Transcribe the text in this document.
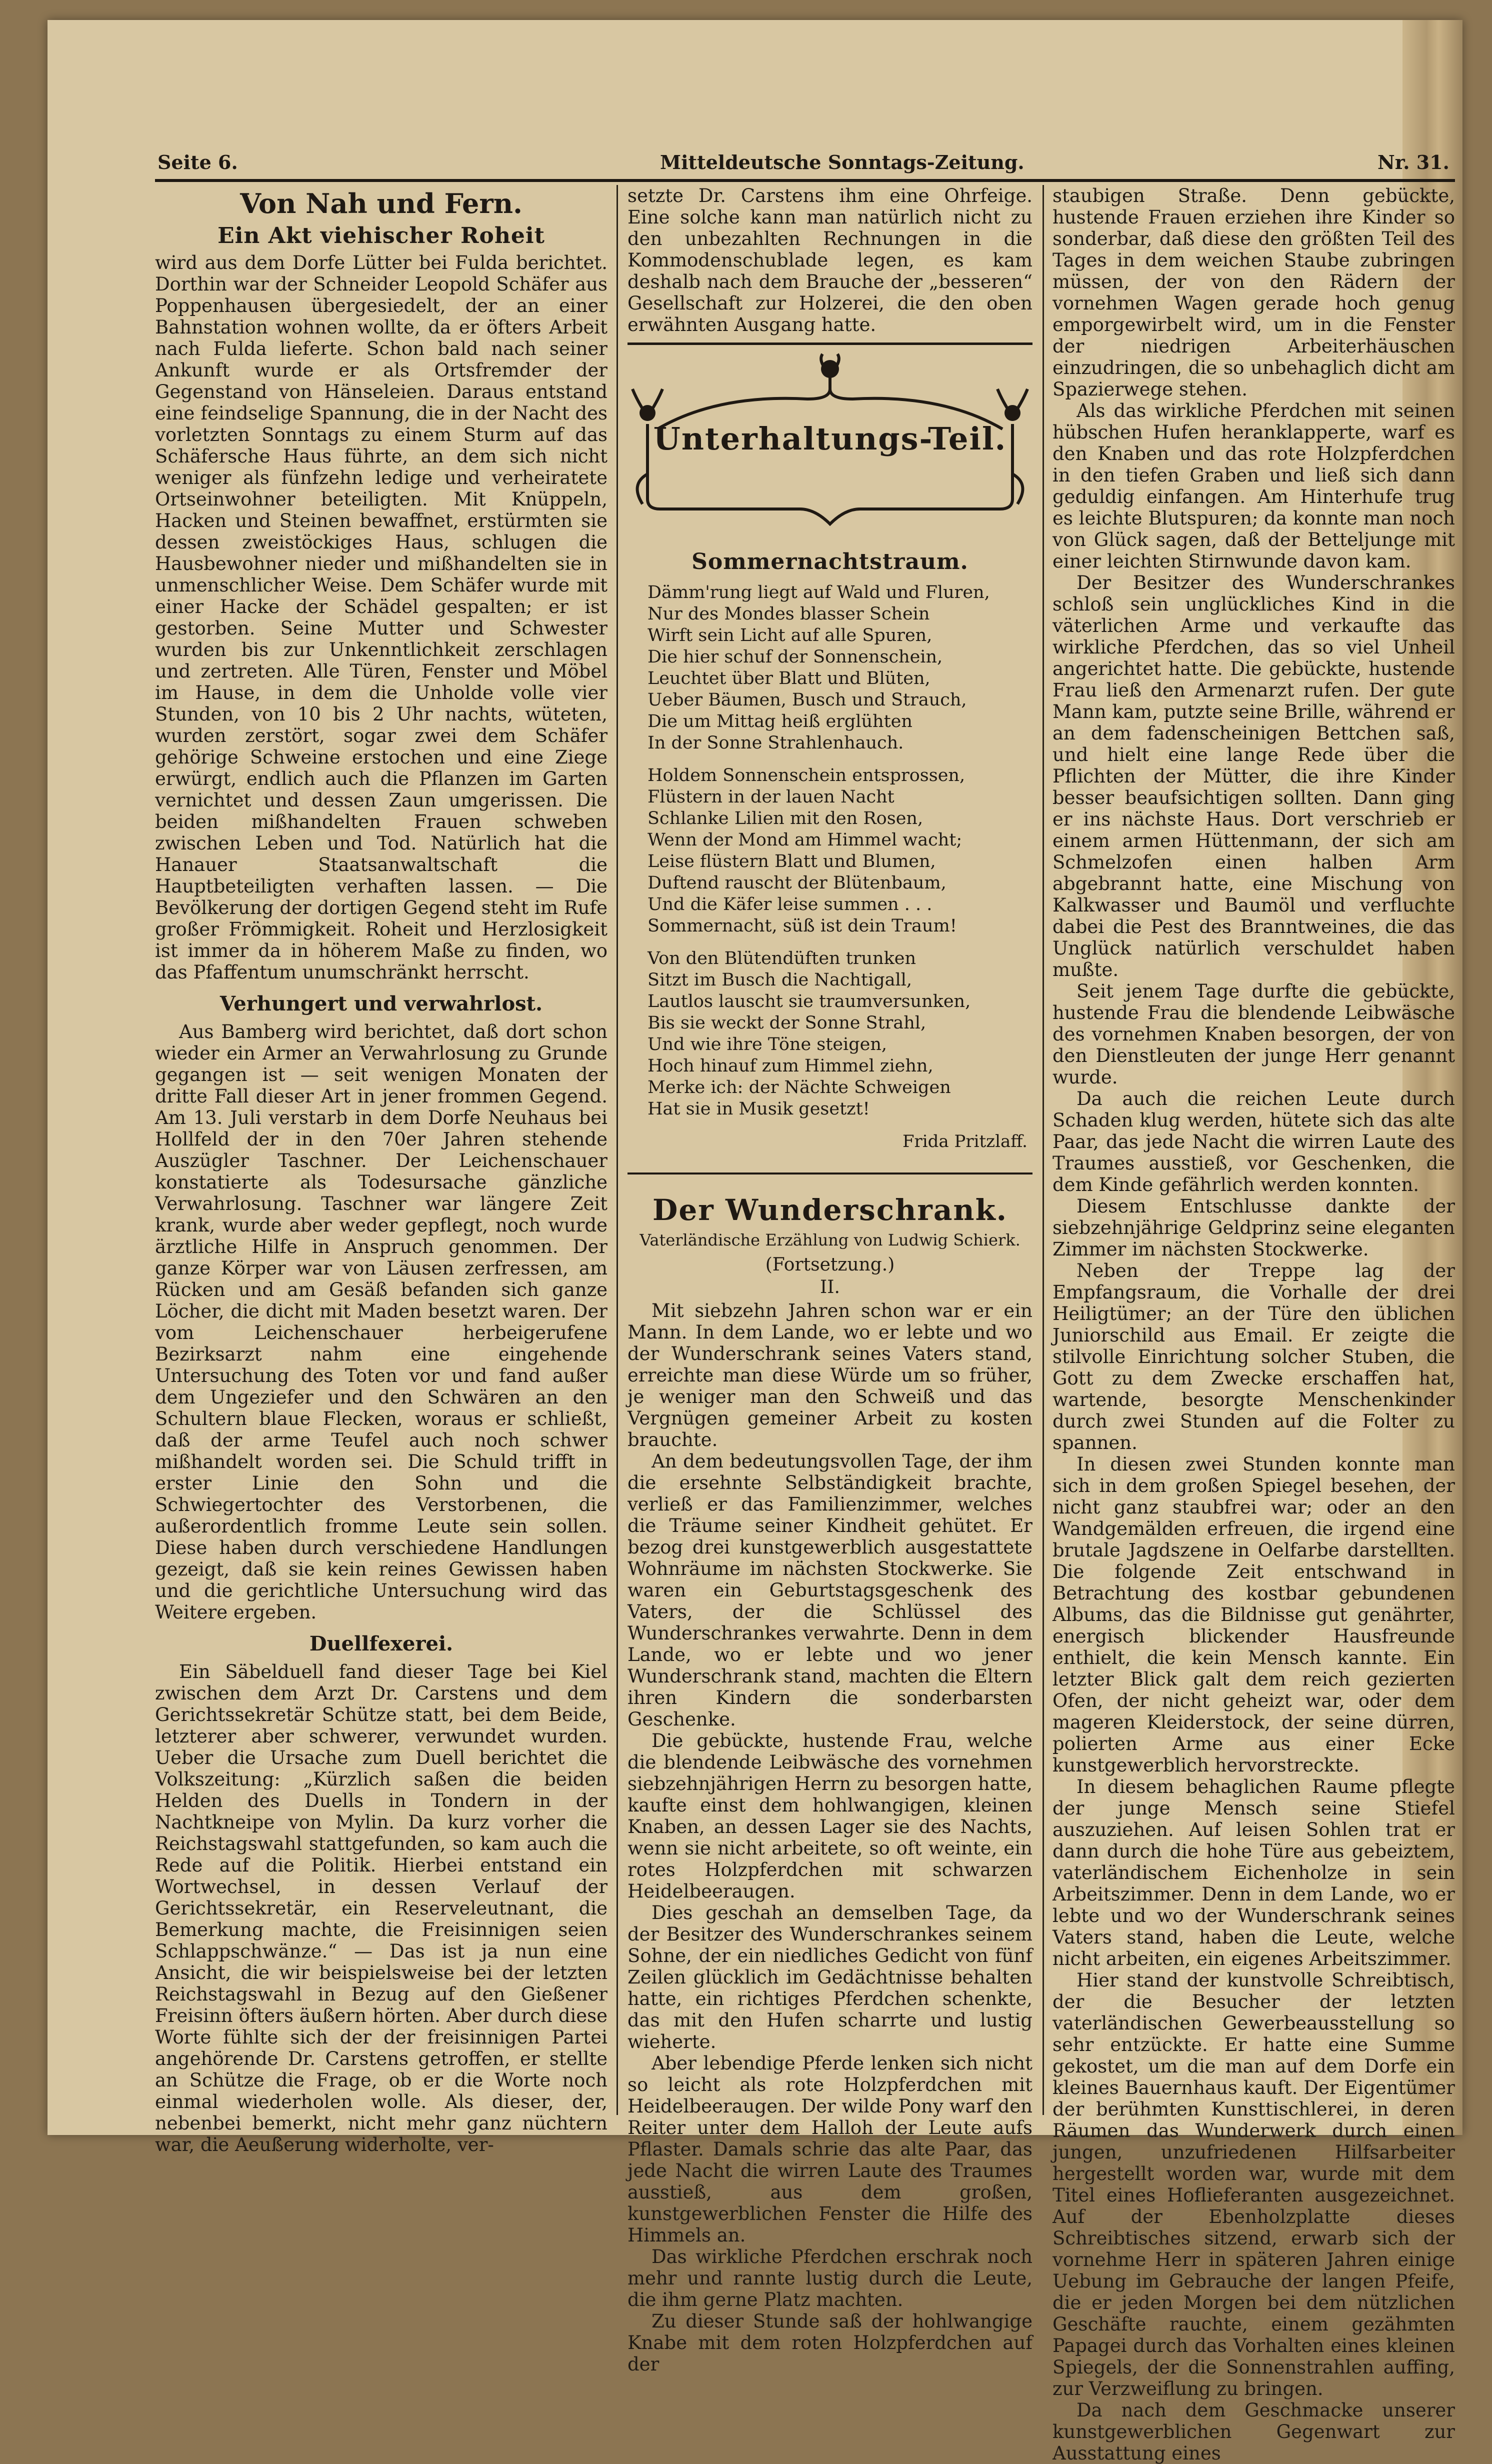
Seite 6.	Mitteldeutsche Sonntags-Zeitung.	Nr. 31.
Von Nah und Fern.
Ein Akt viehischer Roheit

wird aus dem Dorfe Lütter bei Fulda berichtet. Dorthin war der Schneider Leopold Schäfer aus Poppenhausen übergesiedelt, der an einer Bahnstation wohnen wollte, da er öfters Arbeit nach Fulda lieferte. Schon bald nach seiner Ankunft wurde er als Ortsfremder der Gegenstand von Hänseleien. Daraus entstand eine feindselige Spannung, die in der Nacht des vorletzten Sonntags zu einem Sturm auf das Schäfersche Haus führte, an dem sich nicht weniger als fünfzehn ledige und verheiratete Ortseinwohner beteiligten. Mit Knüppeln, Hacken und Steinen bewaffnet, erstürmten sie dessen zweistöckiges Haus, schlugen die Hausbewohner nieder und mißhandelten sie in unmenschlicher Weise. Dem Schäfer wurde mit einer Hacke der Schädel gespalten; er ist gestorben. Seine Mutter und Schwester wurden bis zur Unkenntlichkeit zerschlagen und zertreten. Alle Türen, Fenster und Möbel im Hause, in dem die Unholde volle vier Stunden, von 10 bis 2 Uhr nachts, wüteten, wurden zerstört, sogar zwei dem Schäfer gehörige Schweine erstochen und eine Ziege erwürgt, endlich auch die Pflanzen im Garten vernichtet und dessen Zaun umgerissen. Die beiden mißhandelten Frauen schweben zwischen Leben und Tod. Natürlich hat die Hanauer Staatsanwaltschaft die Hauptbeteiligten verhaften lassen. — Die Bevölkerung der dortigen Gegend steht im Rufe großer Frömmigkeit. Roheit und Herzlosigkeit ist immer da in höherem Maße zu finden, wo das Pfaffentum unumschränkt herrscht.

Verhungert und verwahrlost.

Aus Bamberg wird berichtet, daß dort schon wieder ein Armer an Verwahrlosung zu Grunde gegangen ist — seit wenigen Monaten der dritte Fall dieser Art in jener frommen Gegend. Am 13. Juli verstarb in dem Dorfe Neuhaus bei Hollfeld der in den 70er Jahren stehende Auszügler Taschner. Der Leichenschauer konstatierte als Todesursache gänzliche Verwahrlosung. Taschner war längere Zeit krank, wurde aber weder gepflegt, noch wurde ärztliche Hilfe in Anspruch genommen. Der ganze Körper war von Läusen zerfressen, am Rücken und am Gesäß befanden sich ganze Löcher, die dicht mit Maden besetzt waren. Der vom Leichenschauer herbeigerufene Bezirksarzt nahm eine eingehende Untersuchung des Toten vor und fand außer dem Ungeziefer und den Schwären an den Schultern blaue Flecken, woraus er schließt, daß der arme Teufel auch noch schwer mißhandelt worden sei. Die Schuld trifft in erster Linie den Sohn und die Schwiegertochter des Verstorbenen, die außerordentlich fromme Leute sein sollen. Diese haben durch verschiedene Handlungen gezeigt, daß sie kein reines Gewissen haben und die gerichtliche Untersuchung wird das Weitere ergeben.

Duellfexerei.

Ein Säbelduell fand dieser Tage bei Kiel zwischen dem Arzt Dr. Carstens und dem Gerichtssekretär Schütze statt, bei dem Beide, letzterer aber schwerer, verwundet wurden. Ueber die Ursache zum Duell berichtet die Volkszeitung: „Kürzlich saßen die beiden Helden des Duells in Tondern in der Nachtkneipe von Mylin. Da kurz vorher die Reichstagswahl stattgefunden, so kam auch die Rede auf die Politik. Hierbei entstand ein Wortwechsel, in dessen Verlauf der Gerichtssekretär, ein Reserveleutnant, die Bemerkung machte, die Freisinnigen seien Schlappschwänze.“ — Das ist ja nun eine Ansicht, die wir beispielsweise bei der letzten Reichstagswahl in Bezug auf den Gießener Freisinn öfters äußern hörten. Aber durch diese Worte fühlte sich der der freisinnigen Partei angehörende Dr. Carstens getroffen, er stellte an Schütze die Frage, ob er die Worte noch einmal wiederholen wolle. Als dieser, der, nebenbei bemerkt, nicht mehr ganz nüchtern war, die Aeußerung widerholte, ver-

setzte Dr. Carstens ihm eine Ohrfeige. Eine solche kann man natürlich nicht zu den unbezahlten Rechnungen in die Kommodenschublade legen, es kam deshalb nach dem Brauche der „besseren“ Gesellschaft zur Holzerei, die den oben erwähnten Ausgang hatte.

Unterhaltungs-Teil.
Sommernachtstraum.
Dämm'rung liegt auf Wald und Fluren,
Nur des Mondes blasser Schein
Wirft sein Licht auf alle Spuren,
Die hier schuf der Sonnenschein,
Leuchtet über Blatt und Blüten,
Ueber Bäumen, Busch und Strauch,
Die um Mittag heiß erglühten
In der Sonne Strahlenhauch.
Holdem Sonnenschein entsprossen,
Flüstern in der lauen Nacht
Schlanke Lilien mit den Rosen,
Wenn der Mond am Himmel wacht;
Leise flüstern Blatt und Blumen,
Duftend rauscht der Blütenbaum,
Und die Käfer leise summen . . .
Sommernacht, süß ist dein Traum!
Von den Blütendüften trunken
Sitzt im Busch die Nachtigall,
Lautlos lauscht sie traumversunken,
Bis sie weckt der Sonne Strahl,
Und wie ihre Töne steigen,
Hoch hinauf zum Himmel ziehn,
Merke ich: der Nächte Schweigen
Hat sie in Musik gesetzt!
Frida Pritzlaff.
Der Wunderschrank.
Vaterländische Erzählung von Ludwig Schierk.
(Fortsetzung.)
II.

Mit siebzehn Jahren schon war er ein Mann. In dem Lande, wo er lebte und wo der Wunderschrank seines Vaters stand, erreichte man diese Würde um so früher, je weniger man den Schweiß und das Vergnügen gemeiner Arbeit zu kosten brauchte.

An dem bedeutungsvollen Tage, der ihm die ersehnte Selbständigkeit brachte, verließ er das Familienzimmer, welches die Träume seiner Kindheit gehütet. Er bezog drei kunstgewerblich ausgestattete Wohnräume im nächsten Stockwerke. Sie waren ein Geburtstagsgeschenk des Vaters, der die Schlüssel des Wunderschrankes verwahrte. Denn in dem Lande, wo er lebte und wo jener Wunderschrank stand, machten die Eltern ihren Kindern die sonderbarsten Geschenke.

Die gebückte, hustende Frau, welche die blendende Leibwäsche des vornehmen siebzehnjährigen Herrn zu besorgen hatte, kaufte einst dem hohlwangigen, kleinen Knaben, an dessen Lager sie des Nachts, wenn sie nicht arbeitete, so oft weinte, ein rotes Holzpferdchen mit schwarzen Heidelbeeraugen.

Dies geschah an demselben Tage, da der Besitzer des Wunderschrankes seinem Sohne, der ein niedliches Gedicht von fünf Zeilen glücklich im Gedächtnisse behalten hatte, ein richtiges Pferdchen schenkte, das mit den Hufen scharrte und lustig wieherte.

Aber lebendige Pferde lenken sich nicht so leicht als rote Holzpferdchen mit Heidelbeeraugen. Der wilde Pony warf den Reiter unter dem Halloh der Leute aufs Pflaster. Damals schrie das alte Paar, das jede Nacht die wirren Laute des Traumes ausstieß, aus dem großen, kunstgewerblichen Fenster die Hilfe des Himmels an.

Das wirkliche Pferdchen erschrak noch mehr und rannte lustig durch die Leute, die ihm gerne Platz machten.

Zu dieser Stunde saß der hohlwangige Knabe mit dem roten Holzpferdchen auf der

staubigen Straße. Denn gebückte, hustende Frauen erziehen ihre Kinder so sonderbar, daß diese den größten Teil des Tages in dem weichen Staube zubringen müssen, der von den Rädern der vornehmen Wagen gerade hoch genug emporgewirbelt wird, um in die Fenster der niedrigen Arbeiterhäuschen einzudringen, die so unbehaglich dicht am Spazierwege stehen.

Als das wirkliche Pferdchen mit seinen hübschen Hufen heranklapperte, warf es den Knaben und das rote Holzpferdchen in den tiefen Graben und ließ sich dann geduldig einfangen. Am Hinterhufe trug es leichte Blutspuren; da konnte man noch von Glück sagen, daß der Betteljunge mit einer leichten Stirnwunde davon kam.

Der Besitzer des Wunderschrankes schloß sein unglückliches Kind in die väterlichen Arme und verkaufte das wirkliche Pferdchen, das so viel Unheil angerichtet hatte. Die gebückte, hustende Frau ließ den Armenarzt rufen. Der gute Mann kam, putzte seine Brille, während er an dem fadenscheinigen Bettchen saß, und hielt eine lange Rede über die Pflichten der Mütter, die ihre Kinder besser beaufsichtigen sollten. Dann ging er ins nächste Haus. Dort verschrieb er einem armen Hüttenmann, der sich am Schmelzofen einen halben Arm abgebrannt hatte, eine Mischung von Kalkwasser und Baumöl und verfluchte dabei die Pest des Branntweines, die das Unglück natürlich verschuldet haben mußte.

Seit jenem Tage durfte die gebückte, hustende Frau die blendende Leibwäsche des vornehmen Knaben besorgen, der von den Dienstleuten der junge Herr genannt wurde.

Da auch die reichen Leute durch Schaden klug werden, hütete sich das alte Paar, das jede Nacht die wirren Laute des Traumes ausstieß, vor Geschenken, die dem Kinde gefährlich werden konnten.

Diesem Entschlusse dankte der siebzehnjährige Geldprinz seine eleganten Zimmer im nächsten Stockwerke.

Neben der Treppe lag der Empfangsraum, die Vorhalle der drei Heiligtümer; an der Türe den üblichen Juniorschild aus Email. Er zeigte die stilvolle Einrichtung solcher Stuben, die Gott zu dem Zwecke erschaffen hat, wartende, besorgte Menschenkinder durch zwei Stunden auf die Folter zu spannen.

In diesen zwei Stunden konnte man sich in dem großen Spiegel besehen, der nicht ganz staubfrei war; oder an den Wandgemälden erfreuen, die irgend eine brutale Jagdszene in Oelfarbe darstellten. Die folgende Zeit entschwand in Betrachtung des kostbar gebundenen Albums, das die Bildnisse gut genährter, energisch blickender Hausfreunde enthielt, die kein Mensch kannte. Ein letzter Blick galt dem reich gezierten Ofen, der nicht geheizt war, oder dem mageren Kleiderstock, der seine dürren, polierten Arme aus einer Ecke kunstgewerblich hervorstreckte.

In diesem behaglichen Raume pflegte der junge Mensch seine Stiefel auszuziehen. Auf leisen Sohlen trat er dann durch die hohe Türe aus gebeiztem, vaterländischem Eichenholze in sein Arbeitszimmer. Denn in dem Lande, wo er lebte und wo der Wunderschrank seines Vaters stand, haben die Leute, welche nicht arbeiten, ein eigenes Arbeitszimmer.

Hier stand der kunstvolle Schreibtisch, der die Besucher der letzten vaterländischen Gewerbeausstellung so sehr entzückte. Er hatte eine Summe gekostet, um die man auf dem Dorfe ein kleines Bauernhaus kauft. Der Eigentümer der berühmten Kunsttischlerei, in deren Räumen das Wunderwerk durch einen jungen, unzufriedenen Hilfsarbeiter hergestellt worden war, wurde mit dem Titel eines Hoflieferanten ausgezeichnet. Auf der Ebenholzplatte dieses Schreibtisches sitzend, erwarb sich der vornehme Herr in späteren Jahren einige Uebung im Gebrauche der langen Pfeife, die er jeden Morgen bei dem nützlichen Geschäfte rauchte, einem gezähmten Papagei durch das Vorhalten eines kleinen Spiegels, der die Sonnenstrahlen auffing, zur Verzweiflung zu bringen.

Da nach dem Geschmacke unserer kunstgewerblichen Gegenwart zur Ausstattung eines
